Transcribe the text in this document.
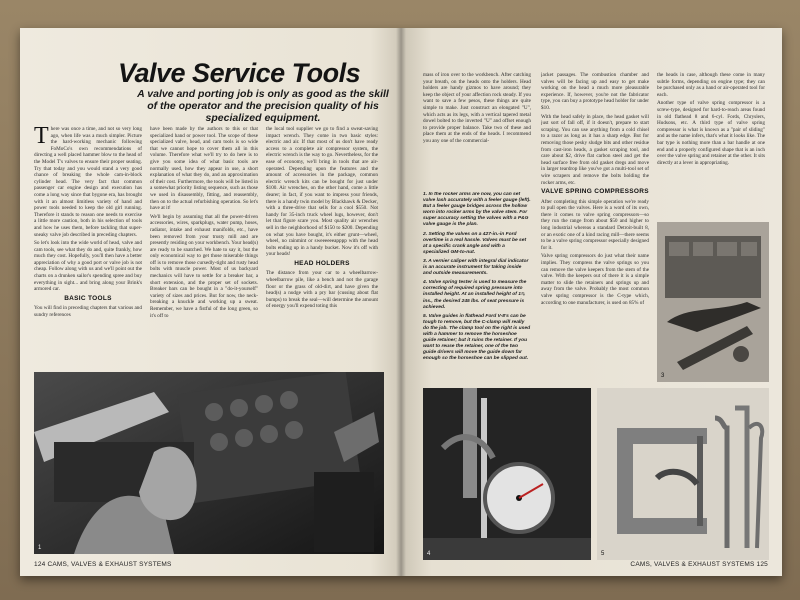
Valve Service Tools
A valve and porting job is only as good as the skill of the operator and the precision quality of his specialized equipment.

There was once a time, and not so very long ago, when life was a much simpler. Picture the hard-working mechanic following FoMoCo's own recommendations of directing a well placed hammer blow to the head of the Model T's valves to ensure their proper seating. Try that today and you would stand a very good chance of breaking the whole cam-in-block cylinder head. The very fact that common passenger car engine design and execution has come a long way since that bygone era, has brought with it an almost limitless variety of hand and power tools needed to keep the old girl running. Therefore it stands to reason one needs to exercise a little more caution, both in his selection of tools and how he uses them, before tackling that super-sneaky valve job described in preceding chapters.

So let's look into the wide world of head, valve and cam tools, see what they do and, quite frankly, how much they cost. Hopefully, you'll then have a better appreciation of why a good port or valve job is not cheap. Follow along with us and we'll point out the charts on a drunken sailor's spending spree and buy everything in sight... and bring along your Brink's armored car.

BASIC TOOLS

You will find in preceding chapters that various and sundry references

have been made by the authors to this or that specialized hand or power tool. The scope of these specialized valve, head, and cam tools is so wide that we cannot hope to cover them all in this volume. Therefore what we'll try to do here is to give you some idea of what basic tools are normally used, how they appear in use, a short explanation of what they do, and an approximation of their cost. Furthermore, the tools will be listed in a somewhat priority listing sequence, such as those we used in disassembly, fitting, and reassembly, then on to the actual refurbishing operation. So let's have at it!

We'll begin by assuming that all the power-driven accessories, wires, sparkplugs, water pump, hoses, radiator, intake and exhaust manifolds, etc., have been removed from your trusty mill and are presently residing on your workbench. Your head(s) are ready to be snatched. We hate to say it, but the only economical way to get those miserable things off is to remove those cursedly-tight and rusty head bolts with muscle power. Most of us backyard mechanics will have to settle for a breaker bar, a short extension, and the proper set of sockets. Breaker bars can be bought in a "do-it-yourself" variety of sizes and prices. But for now, the neck-breaking a knuckle and working up a sweat. Remember, we have a fistful of the long green, so it's off to

the local tool supplier we go to find a sweat-saving impact wrench. They come in two basic styles: electric and air. If that most of us don't have ready access to a complete air compressor system, the electric wrench is the way to go. Nevertheless, for the ease of economy, we'll bring in tools that are air-operated. Depending upon the features and the amount of accessories in the package, common electric wrench kits can be bought for just under $100. Air wrenches, on the other hand, come a little dearer; in fact, if you want to impress your friends, there is a handy twin model by Blackhawk & Decker, with a three-drive that sells for a cool $550. Not handy for 35-inch truck wheel lugs, however, don't let that figure scare you. Most quality air wrenches sell in the neighborhood of $150 to $200. Depending on what you have bought, it's either grunt—wheel, wheel, no rainmint or sweeeeeeapppp with the head bolts ending up in a handy bucket. Now it's off with your heads!

HEAD HOLDERS

The distance from your car to a wheelbarrow-wheelbarrow pile, like a bench and not the garage floor or the grass of old-dirt, and have given the head(s) a nudge with a pry bar (cussing about flat bumps) to break the seal—will determine the amount of energy you'll expend toting this

1
124 CAMS, VALVES & EXHAUST SYSTEMS

mass of iron over to the workbench. After catching your breath, on the heads onto the holders. Head holders are handy gizmos to have around; they keep the object of your affection rock steady. If you want to save a few pesos, these things are quite simple to make. Just construct an elongated "U", which acts as its legs, with a vertical tapered metal dowel bolted to the inverted "U" and offset enough to provide proper balance. Take two of these and place them at the ends of the heads. I recommend you any one of the commercial-

1. In the rocker arms are now, you can set valve lash accurately with a feeler gauge (left). But a feeler gauge bridges across the hollow worn into rocker arms by the valve stem. For super accuracy setting the valves with a P&G valve gauge is the plan.

2. Setting the valves on a 427-in.-in Ford overtime is a real hassle. Valves must be set at a specific crank angle and with a specialized GM-to-nut.

3. A vernier caliper with integral dial indicator is an accurate instrument for taking inside and outside measurements.

4. Valve spring tester is used to measure the correcting of required spring pressure into installed height. At an installed height of 1⅞ ins., the desired 245 lbs. of seat pressure is achieved.

5. Valve guides in flathead Ford V-8's can be tough to remove, but the C-clamp will really do the job. The clamp tool on the right is used with a hammer to remove the horseshoe guide retainer; but it ruins the retainer. If you want to reuse the retainer, one of the two guide drivers will move the guide down far enough so the horseshoe can be slipped out.

jacket passages. The combustion chamber and valves will be facing up and easy to get make working on the head a much more pleasurable experience. If, however, you're not the fabricator type, you can buy a prototype head holder for under $10.

With the head safely in place, the head gasket will just sort of fall off, if it doesn't, prepare to start scraping. You can use anything from a cold chisel to a razor as long as it has a sharp edge. But for removing those pesky sludge bits and other residue from cast-iron heads, a gasket scraping tool, and care about $2, drive flat carbon steel and get the head surface free from old gasket dregs and move in larger teardrop like you've got a multi-tool set of wire scrapers and remove the bolts holding the rocker arms, etc.

VALVE SPRING COMPRESSORS

After completing this simple operation we're ready to pull open the valves. Here is a word of its own, there it comes to valve spring compressors—so they run the range from about $50 and higher to long industrial whereas a standard Detroit-built 8, or an exotic one of a kind racing mill—there seems to be a valve spring compressor especially designed for it.

Valve spring compressors do just what their name implies. They compress the valve springs so you can remove the valve keepers from the stem of the valve. With the keepers out of there it is a simple matter to slide the retainers and springs up and away from the valve. Probably the most common valve spring compressor is the C-type which, according to one manufacturer, is used on 85% of

the heads in case, although these come in many subtle forms, depending on engine type; they can be purchased only as a hand or air-operated tool for each.

Another type of valve spring compressor is a screw-type, designed for hard-to-reach areas found in old flathead 8 and 6-cyl. Fords, Chryslers, Hudsons, etc. A third type of valve spring compressor is what is known as a "pair of sliding" and as the name infers, that's what it looks like. The bar type is nothing more than a bar handle at one end and a properly configured shape that is an inch over the valve spring and retainer at the other. It sits directly at a lever in appropriating.

3
4	5
CAMS, VALVES & EXHAUST SYSTEMS 125
